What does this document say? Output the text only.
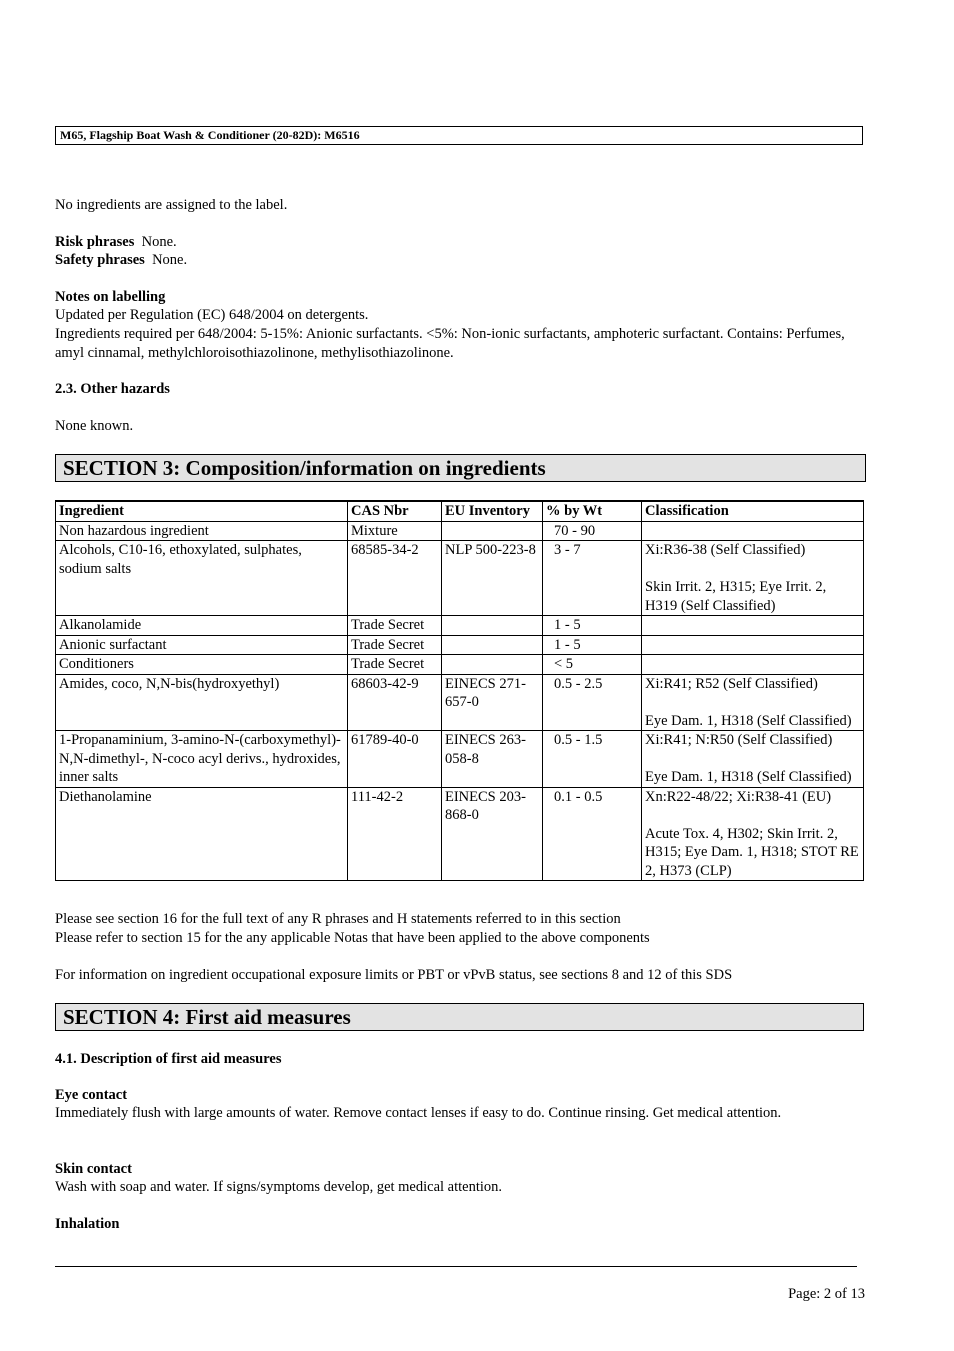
M65, Flagship Boat Wash & Conditioner (20-82D): M6516

No ingredients are assigned to the label.

Risk phrases None.

Safety phrases None.

Notes on labelling

Updated per Regulation (EC) 648/2004 on detergents.

Ingredients required per 648/2004: 5-15%: Anionic surfactants. <5%: Non-ionic surfactants, amphoteric surfactant. Contains: Perfumes, amyl cinnamal, methylchloroisothiazolinone, methylisothiazolinone.

2.3. Other hazards

None known.

SECTION 3: Composition/information on ingredients
Ingredient	CAS Nbr	EU Inventory	% by Wt	Classification
Non hazardous ingredient	Mixture		70 - 90	

Alcohols, C10-16, ethoxylated, sulphates, sodium salts	68585-34-2	NLP 500-223-8	3 - 7	Xi:R36-38 (Self Classified)
Skin Irrit. 2, H315; Eye Irrit. 2, H319 (Self Classified)

Alkanolamide	Trade Secret		1 - 5	

Anionic surfactant	Trade Secret		1 - 5	

Conditioners	Trade Secret		< 5	

Amides, coco, N,N-bis(hydroxyethyl)	68603-42-9	EINECS 271-657-0	0.5 - 2.5	Xi:R41; R52 (Self Classified)
Eye Dam. 1, H318 (Self Classified)

1-Propanaminium, 3-amino-N-(carboxymethyl)-N,N-dimethyl-, N-coco acyl derivs., hydroxides, inner salts	61789-40-0	EINECS 263-058-8	0.5 - 1.5	Xi:R41; N:R50 (Self Classified)
Eye Dam. 1, H318 (Self Classified)

Diethanolamine	111-42-2	EINECS 203-868-0	0.1 - 0.5	Xn:R22-48/22; Xi:R38-41 (EU)
Acute Tox. 4, H302; Skin Irrit. 2, H315; Eye Dam. 1, H318; STOT RE 2, H373 (CLP)

Please see section 16 for the full text of any R phrases and H statements referred to in this section

Please refer to section 15 for the any applicable Notas that have been applied to the above components

For information on ingredient occupational exposure limits or PBT or vPvB status, see sections 8 and 12 of this SDS

SECTION 4: First aid measures

4.1. Description of first aid measures

Eye contact

Immediately flush with large amounts of water. Remove contact lenses if easy to do. Continue rinsing. Get medical attention.

Skin contact

Wash with soap and water. If signs/symptoms develop, get medical attention.

Inhalation

Page: 2 of 13
